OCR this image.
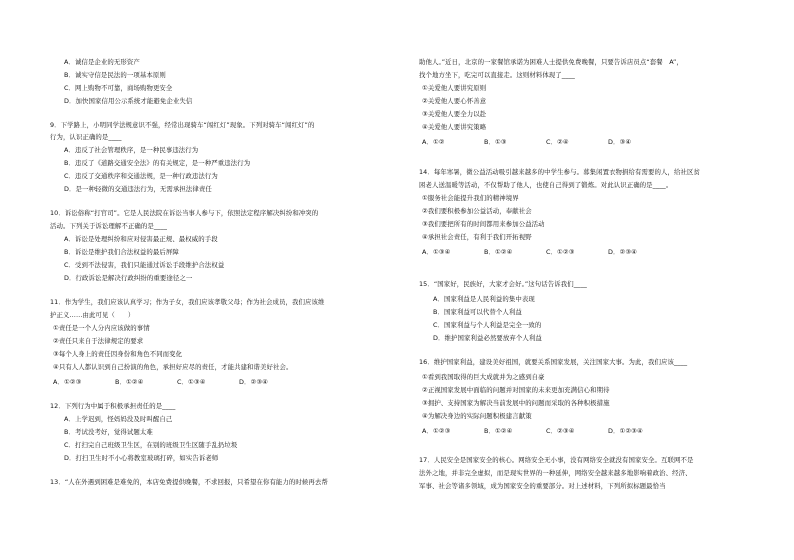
A．诚信是企业的无形资产
B．诚实守信是民法的一项基本原则
C．网上购物不可靠，商场购物更安全
D．加快国家信用公示系统才能避免企业失信
9．下学路上，小明同学法规意识不强，经常出现骑车“闯红灯”现象。下列对骑车“闯红灯”的
行为，认识正确的是____
A．违反了社会管理秩序，是一种民事违法行为
B．违反了《道路交通安全法》的有关规定，是一种严重违法行为
C．违反了交通秩序和交通法规，是一种行政违法行为
D．是一种轻微的交通违法行为，无需承担法律责任
10．诉讼俗称“打官司”。它是人民法院在诉讼当事人参与下，依照法定程序解决纠纷和冲突的
活动。下列关于诉讼理解不正确的是____
A．诉讼是处理纠纷和应对侵害最正规、最权威的手段
B．诉讼是维护我们合法权益的最后屏障
C．受到不法侵害，我们只能通过诉讼手段维护合法权益
D．行政诉讼是解决行政纠纷的重要途径之一
11．作为学生，我们应该认真学习；作为子女，我们应该孝敬父母；作为社会成员，我们应该维
护正义……由此可见（　　）
①责任是一个人分内应该做的事情
②责任只来自于法律规定的要求
③每个人身上的责任因身份和角色不同而变化
④只有人人都认识到自己扮演的角色，承担好应尽的责任，才能共建和谐美好社会。
A．①②③	B．①②④	C．①③④	D．②③④
12．下列行为中属于积极承担责任的是____
A．上学迟到，怪妈妈没及时叫醒自己
B．考试没考好，觉得试题太难
C．打扫完自己班级卫生区，在别的班级卫生区随手乱扔垃圾
D．打扫卫生时不小心将教室玻璃打碎，如实告诉老师
13．“人在外遇到困难是难免的，本店免费提供晚餐，不求回报，只希望在你有能力的时候再去帮
助他人。”近日，北京的一家餐馆承诺为困难人士提供免费晚餐，只要告诉店员点“套餐　A”，
找个地方坐下，吃完可以直接走。这则材料体现了____
①关爱他人要讲究原则
②关爱他人要心怀善意
③关爱他人要全力以赴
④关爱他人要讲究策略
A．①②	B．①③	C．②④	D．③④
14．每年寒暑，微公益活动吸引越来越多的中学生参与。募集闲置衣物捐给有需要的人，给社区贫
困老人送温暖等活动，不仅帮助了他人，也使自己得到了锻炼。对此认识正确的是____。
①服务社会能提升我们的精神境界
②我们要积极参加公益活动，奉献社会
③我们要把所有的时间都用来参加公益活动
④承担社会责任，有利于我们开拓视野
A．①③④	B．①②④	C．①②③	D．②③④
15．“国家好，民族好，大家才会好。”这句话告诉我们____
A．国家利益是人民利益的集中表现
B．国家利益可以代替个人利益
C．国家利益与个人利益是完全一致的
D．维护国家利益必然要放弃个人利益
16．维护国家利益，建设美好祖国，就要关系国家发展，关注国家大事。为此，我们应该____
①看到我国取得的巨大成就并为之感到自豪
②正视国家发展中面临的问题并对国家的未来更加充满信心和期待
③拥护、支持国家为解决当前发展中的问题而采取的各种积极措施
④为解决身边的实际问题积极建言献策
A．①②③	B．①②④	C．②③④	D．①②③④
17．人民安全是国家安全的核心。网络安全无小事，没有网络安全就没有国家安全。互联网不是
法外之地，并非完全虚拟，而是现实世界的一种延伸，网络安全越来越多地影响着政治、经济、
军事、社会等诸多领域，成为国家安全的重要部分。对上述材料，下列所拟标题最恰当
